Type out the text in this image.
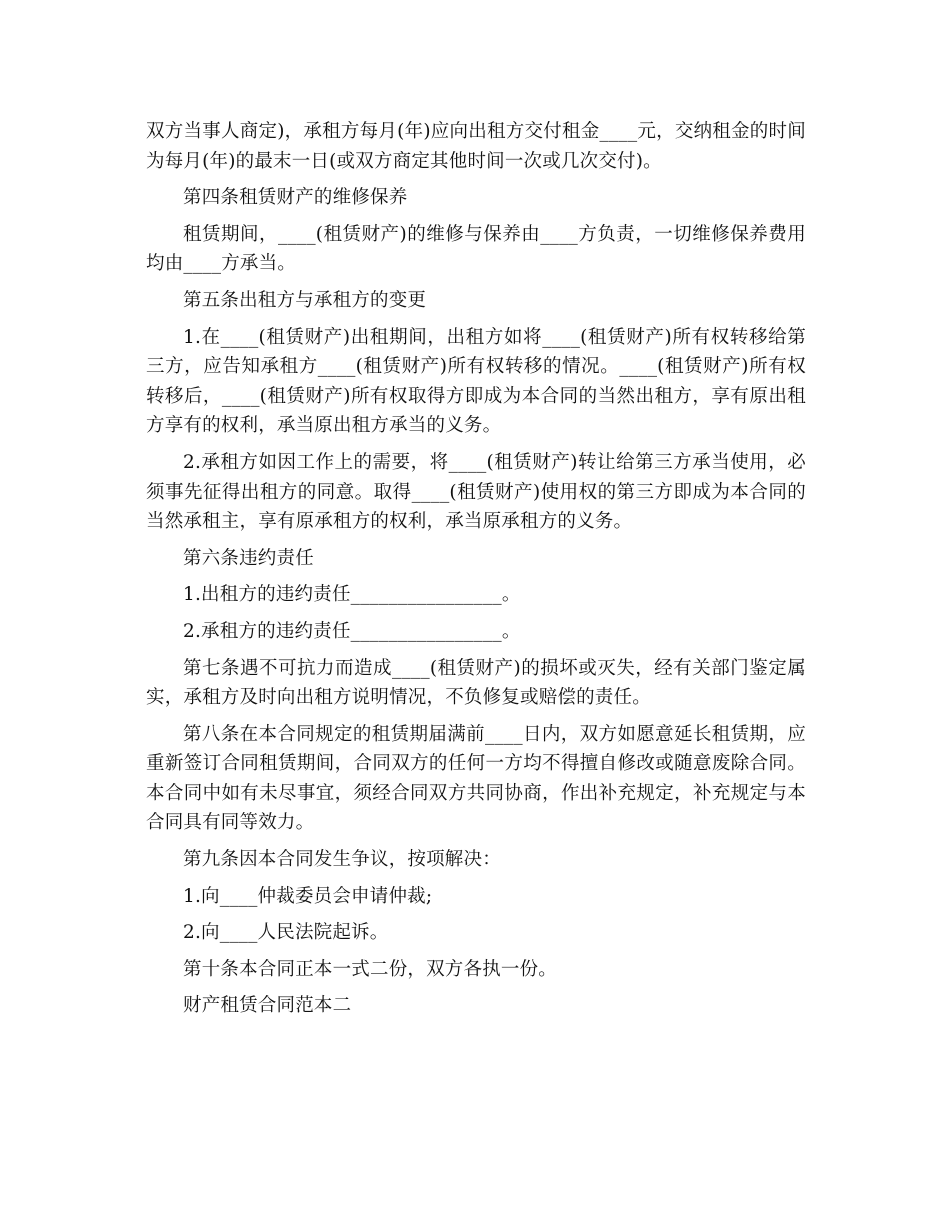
双方当事人商定)，承租方每月(年)应向出租方交付租金____元，交纳租金的时间为每月(年)的最末一日(或双方商定其他时间一次或几次交付)。

第四条租赁财产的维修保养

租赁期间，____(租赁财产)的维修与保养由____方负责，一切维修保养费用均由____方承当。

第五条出租方与承租方的变更

1.在____(租赁财产)出租期间，出租方如将____(租赁财产)所有权转移给第三方，应告知承租方____(租赁财产)所有权转移的情况。____(租赁财产)所有权转移后，____(租赁财产)所有权取得方即成为本合同的当然出租方，享有原出租方享有的权利，承当原出租方承当的义务。

2.承租方如因工作上的需要，将____(租赁财产)转让给第三方承当使用，必须事先征得出租方的同意。取得____(租赁财产)使用权的第三方即成为本合同的当然承租主，享有原承租方的权利，承当原承租方的义务。

第六条违约责任

1.出租方的违约责任________________。

2.承租方的违约责任________________。

第七条遇不可抗力而造成____(租赁财产)的损坏或灭失，经有关部门鉴定属实，承租方及时向出租方说明情况，不负修复或赔偿的责任。

第八条在本合同规定的租赁期届满前____日内，双方如愿意延长租赁期，应重新签订合同租赁期间，合同双方的任何一方均不得擅自修改或随意废除合同。本合同中如有未尽事宜，须经合同双方共同协商，作出补充规定，补充规定与本合同具有同等效力。

第九条因本合同发生争议，按项解决：

1.向____仲裁委员会申请仲裁;

2.向____人民法院起诉。

第十条本合同正本一式二份，双方各执一份。

财产租赁合同范本二
